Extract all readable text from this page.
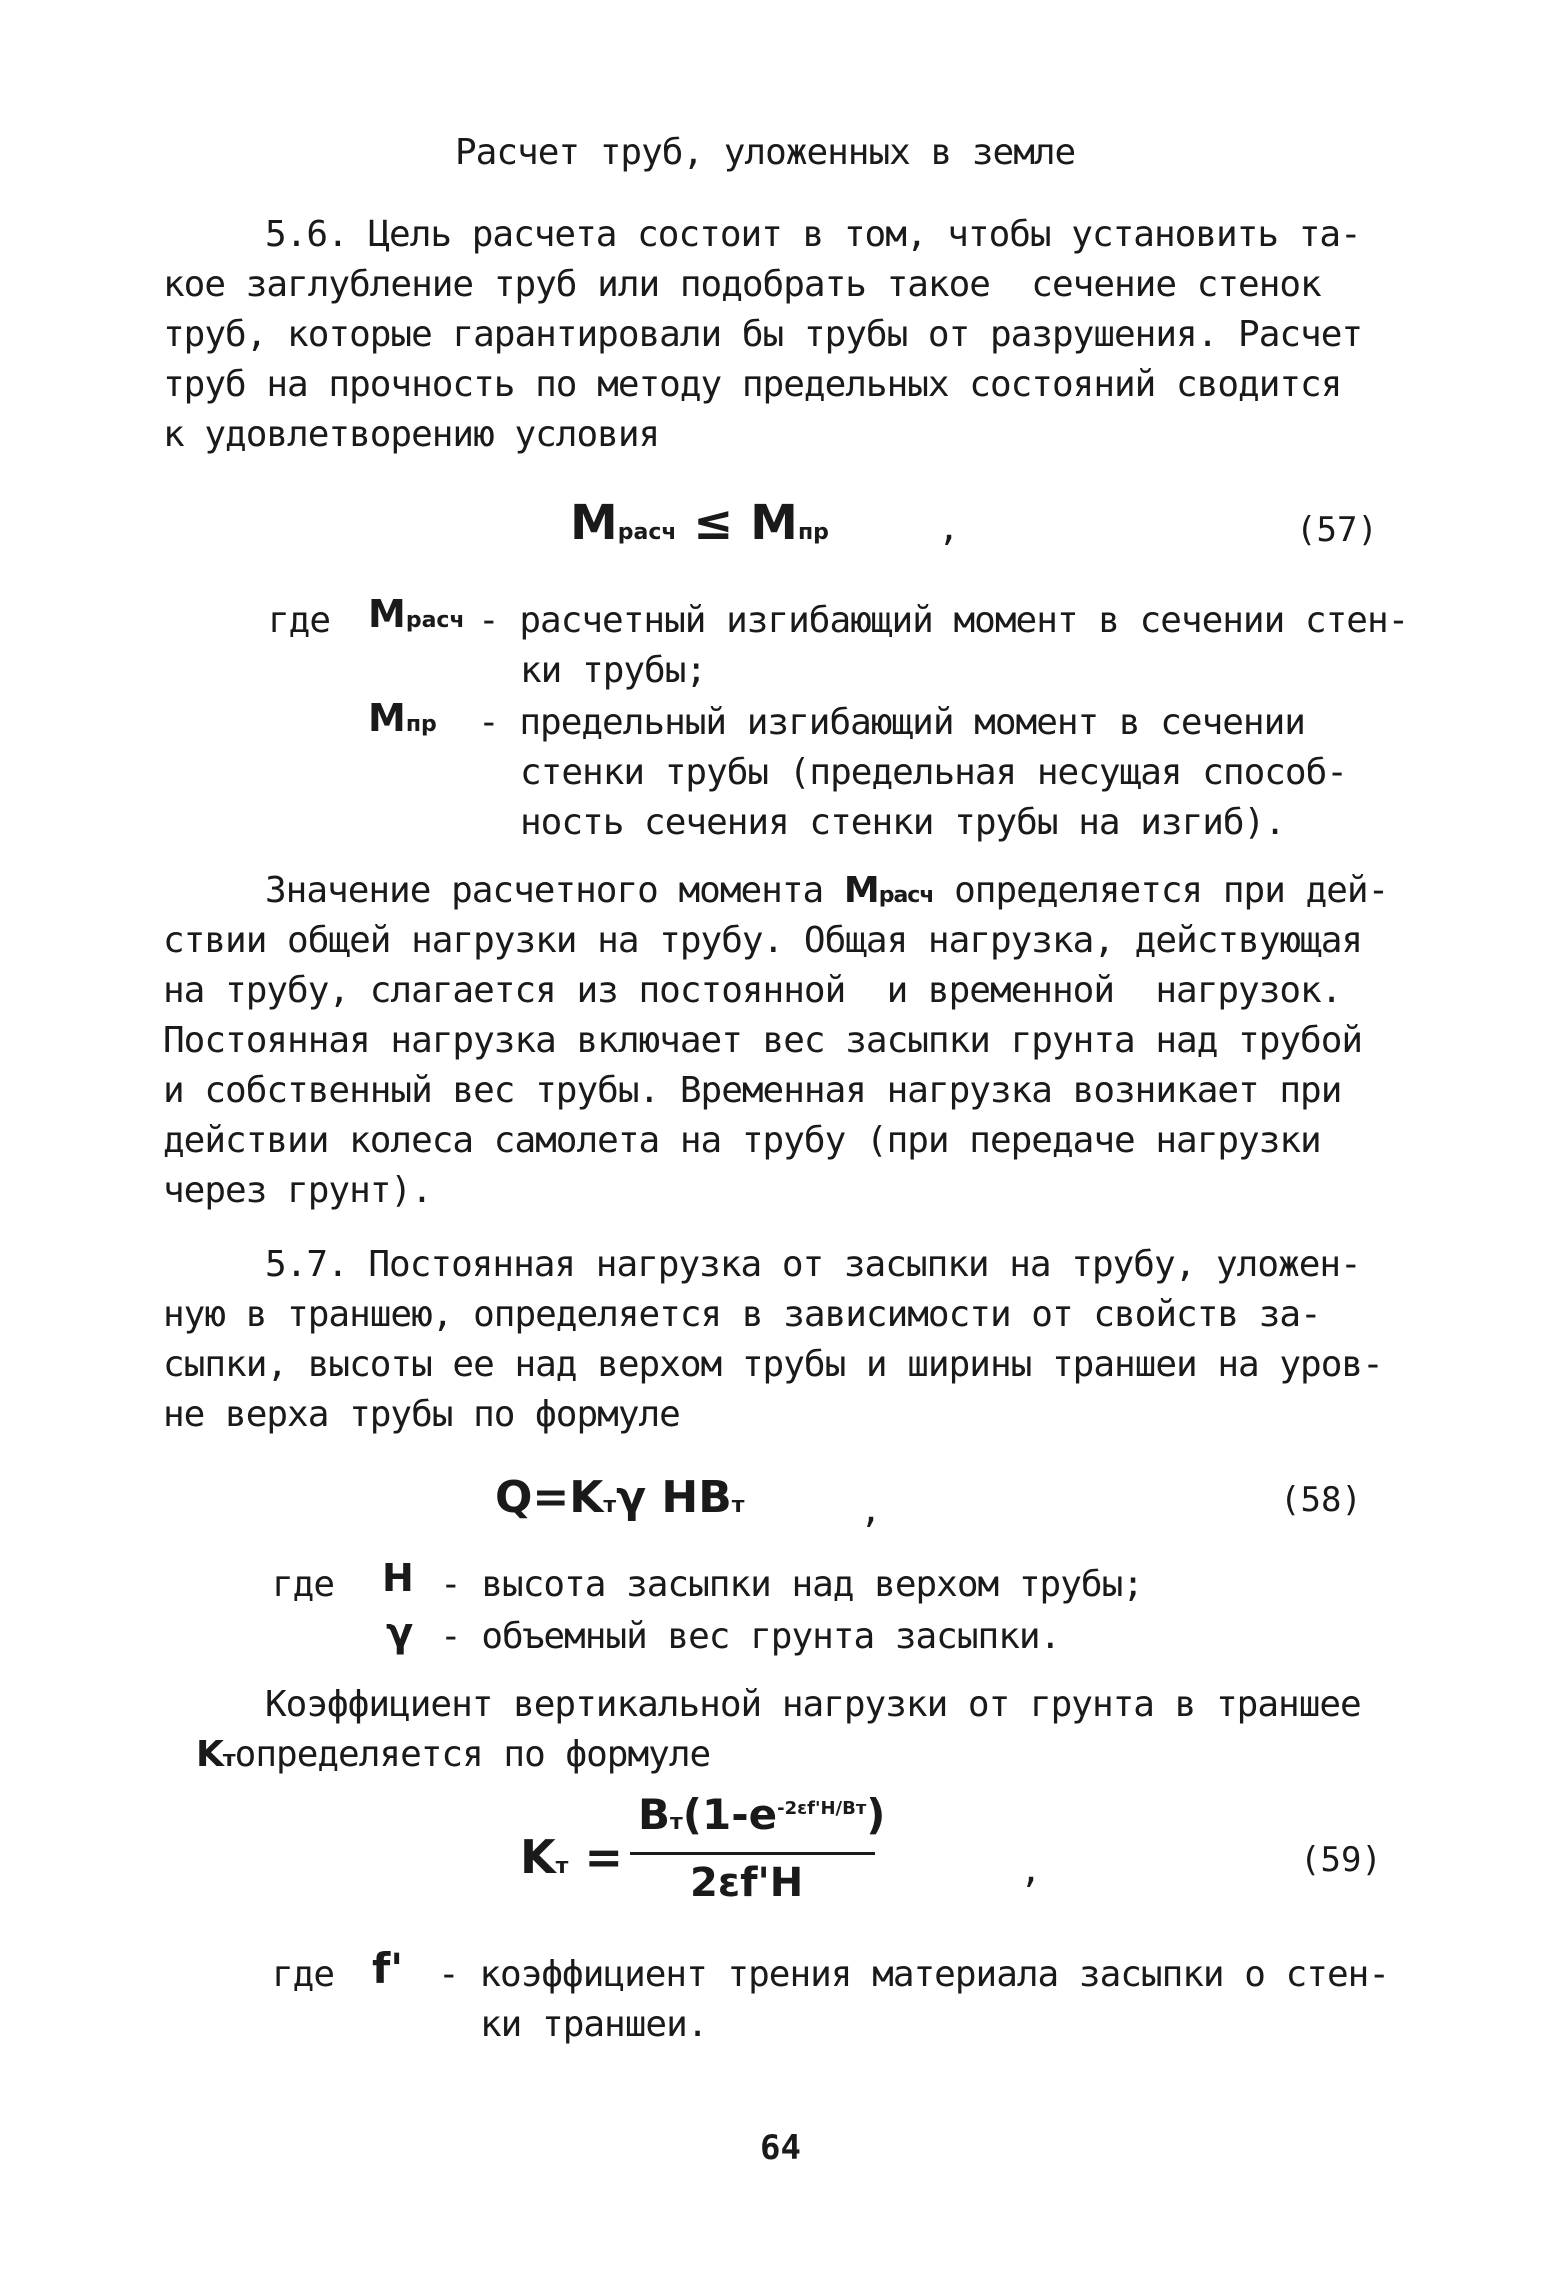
Расчет труб, уложенных в земле
5.6. Цель расчета состоит в том, чтобы установить та-
кое заглубление труб или подобрать такое  сечение стенок
труб, которые гарантировали бы трубы от разрушения. Расчет
труб на прочность по методу предельных состояний сводится
к удовлетворению условия
Mрасч ≤ Mпр	,	(57)
где Mрасч - расчетный изгибающий момент в сечении стен-
ки трубы;
Mпр - предельный изгибающий момент в сечении
стенки трубы (предельная несущая способ-
ность сечения стенки трубы на изгиб).
Значение расчетного момента Mрасч определяется при дей-
ствии общей нагрузки на трубу. Общая нагрузка, действующая
на трубу, слагается из постоянной  и временной  нагрузок.
Постоянная нагрузка включает вес засыпки грунта над трубой
и собственный вес трубы. Временная нагрузка возникает при
действии колеса самолета на трубу (при передаче нагрузки
через грунт).
5.7. Постоянная нагрузка от засыпки на трубу, уложен-
ную в траншею, определяется в зависимости от свойств за-
сыпки, высоты ее над верхом трубы и ширины траншеи на уров-
не верха трубы по формуле
Q=Kтγ HBт	,	(58)
где H - высота засыпки над верхом трубы;
γ - объемный вес грунта засыпки.
Коэффициент вертикальной нагрузки от грунта в траншее
Kтопределяется по формуле
Kт =
$Bт(1-e^{-2\varepsilon f'H/Bт})$
2εf'H	,	(59)
где f' - коэффициент трения материала засыпки о стен-
ки траншеи.
64
